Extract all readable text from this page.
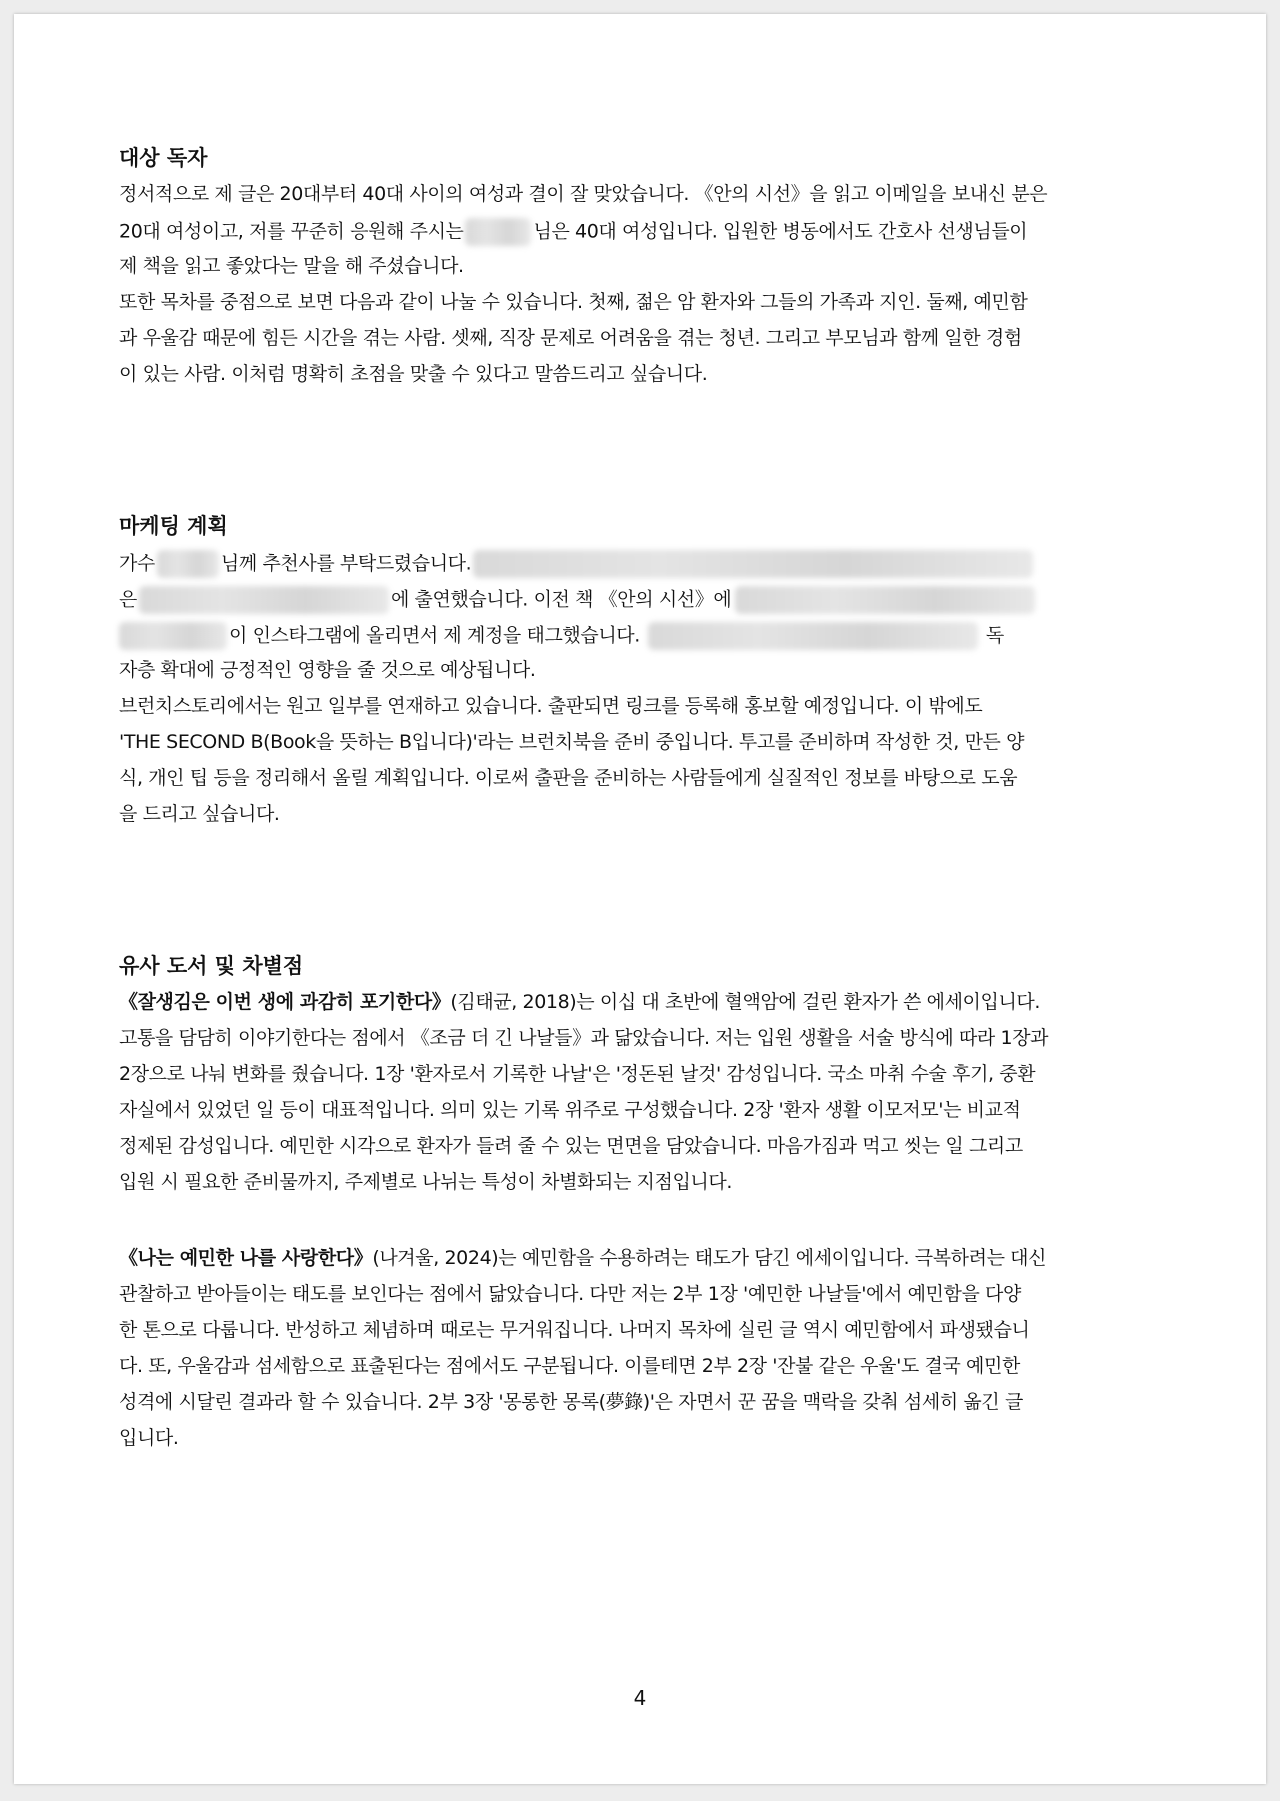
대상 독자
정서적으로 제 글은 20대부터 40대 사이의 여성과 결이 잘 맞았습니다. 《안의 시선》을 읽고 이메일을 보내신 분은
20대 여성이고, 저를 꾸준히 응원해 주시는	님은 40대 여성입니다. 입원한 병동에서도 간호사 선생님들이
제 책을 읽고 좋았다는 말을 해 주셨습니다.
또한 목차를 중점으로 보면 다음과 같이 나눌 수 있습니다. 첫째, 젊은 암 환자와 그들의 가족과 지인. 둘째, 예민함
과 우울감 때문에 힘든 시간을 겪는 사람. 셋째, 직장 문제로 어려움을 겪는 청년. 그리고 부모님과 함께 일한 경험
이 있는 사람. 이처럼 명확히 초점을 맞출 수 있다고 말씀드리고 싶습니다.
마케팅 계획
가수	님께 추천사를 부탁드렸습니다.
은	에 출연했습니다. 이전 책 《안의 시선》에
이 인스타그램에 올리면서 제 계정을 태그했습니다.	독
자층 확대에 긍정적인 영향을 줄 것으로 예상됩니다.
브런치스토리에서는 원고 일부를 연재하고 있습니다. 출판되면 링크를 등록해 홍보할 예정입니다. 이 밖에도
'THE SECOND B(Book을 뜻하는 B입니다)'라는 브런치북을 준비 중입니다. 투고를 준비하며 작성한 것, 만든 양
식, 개인 팁 등을 정리해서 올릴 계획입니다. 이로써 출판을 준비하는 사람들에게 실질적인 정보를 바탕으로 도움
을 드리고 싶습니다.
유사 도서 및 차별점
《잘생김은 이번 생에 과감히 포기한다》(김태균, 2018)는 이십 대 초반에 혈액암에 걸린 환자가 쓴 에세이입니다.
고통을 담담히 이야기한다는 점에서 《조금 더 긴 나날들》과 닮았습니다. 저는 입원 생활을 서술 방식에 따라 1장과
2장으로 나눠 변화를 줬습니다. 1장 '환자로서 기록한 나날'은 '정돈된 날것' 감성입니다. 국소 마취 수술 후기, 중환
자실에서 있었던 일 등이 대표적입니다. 의미 있는 기록 위주로 구성했습니다. 2장 '환자 생활 이모저모'는 비교적
정제된 감성입니다. 예민한 시각으로 환자가 들려 줄 수 있는 면면을 담았습니다. 마음가짐과 먹고 씻는 일 그리고
입원 시 필요한 준비물까지, 주제별로 나뉘는 특성이 차별화되는 지점입니다.
《나는 예민한 나를 사랑한다》(나겨울, 2024)는 예민함을 수용하려는 태도가 담긴 에세이입니다. 극복하려는 대신
관찰하고 받아들이는 태도를 보인다는 점에서 닮았습니다. 다만 저는 2부 1장 '예민한 나날들'에서 예민함을 다양
한 톤으로 다룹니다. 반성하고 체념하며 때로는 무거워집니다. 나머지 목차에 실린 글 역시 예민함에서 파생됐습니
다. 또, 우울감과 섬세함으로 표출된다는 점에서도 구분됩니다. 이를테면 2부 2장 '잔불 같은 우울'도 결국 예민한
성격에 시달린 결과라 할 수 있습니다. 2부 3장 '몽롱한 몽록(夢錄)'은 자면서 꾼 꿈을 맥락을 갖춰 섬세히 옮긴 글
입니다.
4
